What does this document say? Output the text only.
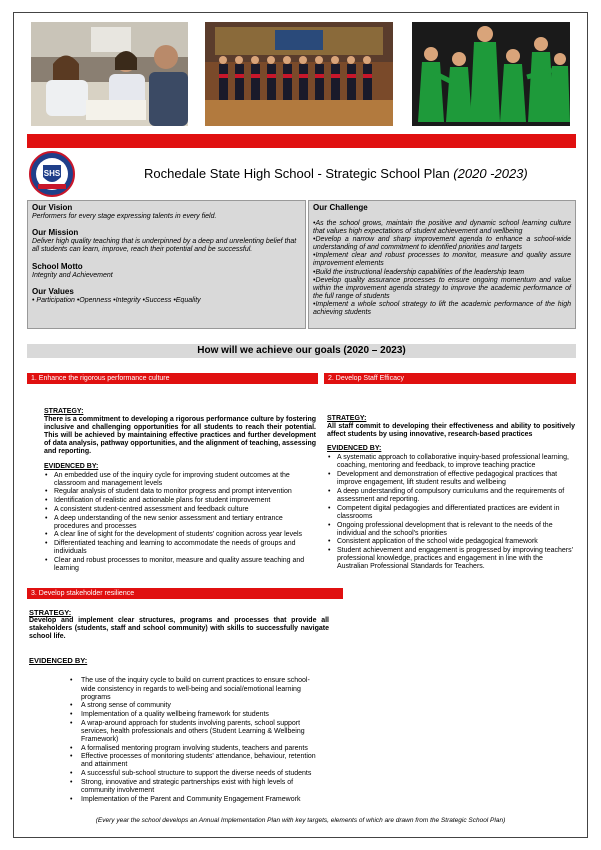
SHS	Rochedale State High School - Strategic School Plan (2020 -2023)
Our Vision
Performers for every stage expressing talents in every field.
Our Mission
Deliver high quality teaching that is underpinned by a deep and unrelenting belief that all students can learn, improve, reach their potential and be successful.
School Motto
Integrity and Achievement
Our Values
• Participation •Openness •Integrity •Success •Equality
Our Challenge
•As the school grows, maintain the positive and dynamic school learning culture that values high expectations of student achievement and wellbeing
•Develop a narrow and sharp improvement agenda to enhance a school-wide understanding of and commitment to identified priorities and targets
•Implement clear and robust processes to monitor, measure and quality assure improvement elements
•Build the instructional leadership capabilities of the leadership team
•Develop quality assurance processes to ensure ongoing momentum and value within the improvement agenda strategy to improve the academic performance of the full range of students
•Implement a whole school strategy to lift the academic performance of the high achieving students
How will we achieve our goals (2020 – 2023)
1. Enhance the rigorous performance culture	2. Develop Staff Efficacy
3. Develop stakeholder resilience
STRATEGY:
There is a commitment to developing a rigorous performance culture by fostering inclusive and challenging opportunities for all students to reach their potential. This will be achieved by maintaining effective practices and further development of data analysis, pathway opportunities, and the alignment of teaching, assessing and reporting.
EVIDENCED BY:
• An embedded use of the inquiry cycle for improving student outcomes at the classroom and management levels
• Regular analysis of student data to monitor progress and prompt intervention
• Identification of realistic and actionable plans for student improvement
• A consistent student-centred assessment and feedback culture
• A deep understanding of the new senior assessment and tertiary entrance procedures and processes
• A clear line of sight for the development of students' cognition across year levels
• Differentiated teaching and learning to accommodate the needs of groups and individuals
• Clear and robust processes to monitor, measure and quality assure teaching and learning
STRATEGY:
All staff commit to developing their effectiveness and ability to positively affect students by using innovative, research-based practices
EVIDENCED BY:
• A systematic approach to collaborative inquiry-based professional learning, coaching, mentoring and feedback, to improve teaching practice
• Development and demonstration of effective pedagogical practices that improve engagement, lift student results and wellbeing
• A deep understanding of compulsory curriculums and the requirements of assessment and reporting.
• Competent digital pedagogies and differentiated practices are evident in classrooms
• Ongoing professional development that is relevant to the needs of the individual and the school's priorities
• Consistent application of the school wide pedagogical framework
• Student achievement and engagement is progressed by improving teachers' professional knowledge, practices and engagement in line with the Australian Professional Standards for Teachers.
STRATEGY:
Develop and implement clear structures, programs and processes that provide all stakeholders (students, staff and school community) with skills to successfully navigate school life.
EVIDENCED BY:
• The use of the inquiry cycle to build on current practices to ensure school-wide consistency in regards to well-being and social/emotional learning programs
• A strong sense of community
• Implementation of a quality wellbeing framework for students
• A wrap-around approach for students involving parents, school support services, health professionals and others (Student Learning & Wellbeing Framework)
• A formalised mentoring program involving students, teachers and parents
• Effective processes of monitoring students' attendance, behaviour, retention and attainment
• A successful sub-school structure to support the diverse needs of students
• Strong, innovative and strategic partnerships exist with high levels of community involvement
• Implementation of the Parent and Community Engagement Framework
(Every year the school develops an Annual Implementation Plan with key targets, elements of which are drawn from the Strategic School Plan)
